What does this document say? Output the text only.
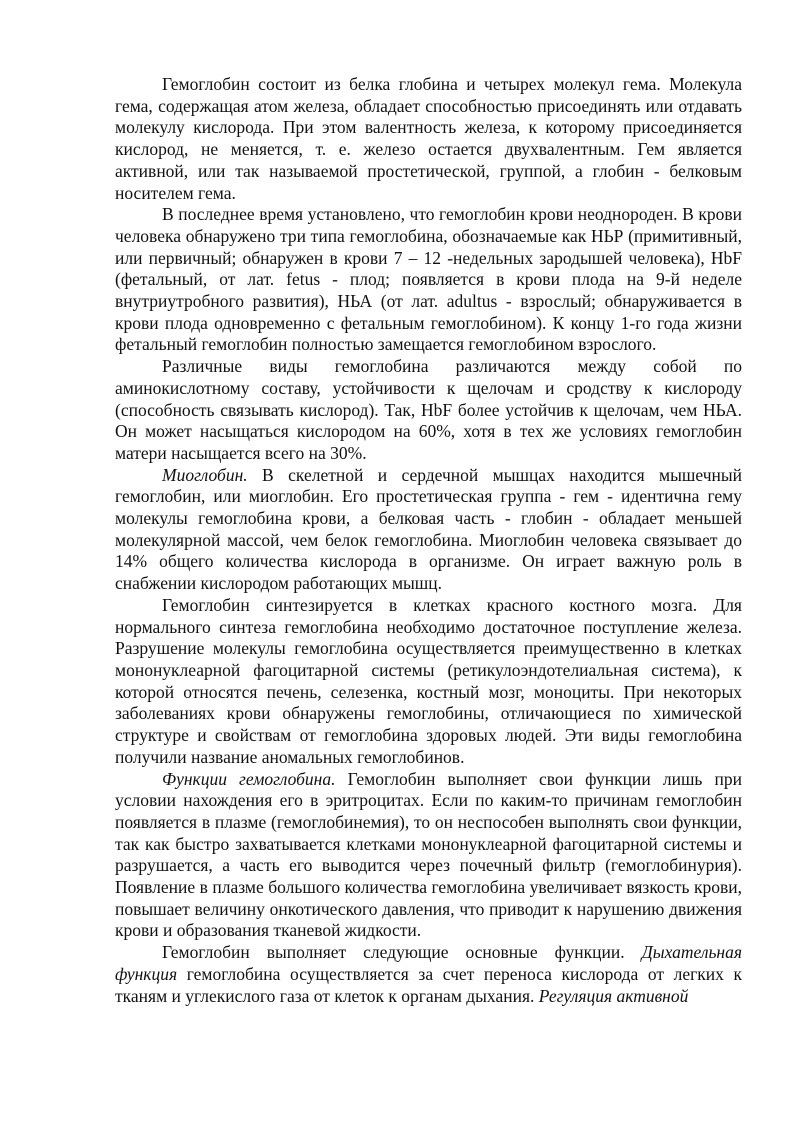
Гемоглобин состоит из белка глобина и четырех молекул гема. Молекула гема, содержащая атом железа, обладает способностью присоединять или отдавать молекулу кислорода. При этом валентность железа, к которому присоединяется кислород, не меняется, т. е. железо остается двухвалентным. Гем является активной, или так называемой простетической, группой, а глобин - белковым носителем гема.

В последнее время установлено, что гемоглобин крови неоднороден. В крови человека обнаружено три типа гемоглобина, обозначаемые как НЬР (примитивный, или первичный; обнаружен в крови 7 – 12 -недельных зародышей человека), HbF (фетальный, от лат. fetus - плод; появляется в крови плода на 9-й неделе внутриутробного развития), НЬА (от лат. adultus - взрослый; обнаруживается в крови плода одновременно с фетальным гемоглобином). К концу 1-го года жизни фетальный гемоглобин полностью замещается гемоглобином взрослого.

Различные виды гемоглобина различаются между собой по аминокислотному составу, устойчивости к щелочам и сродству к кислороду (способность связывать кислород). Так, HbF более устойчив к щелочам, чем НЬА. Он может насыщаться кислородом на 60%, хотя в тех же условиях гемоглобин матери насыщается всего на 30%.

Миоглобин. В скелетной и сердечной мышцах находится мышечный гемоглобин, или миоглобин. Его простетическая группа - гем - идентична гему молекулы гемоглобина крови, а белковая часть - глобин - обладает меньшей молекулярной массой, чем белок гемоглобина. Миоглобин человека связывает до 14% общего количества кислорода в организме. Он играет важную роль в снабжении кислородом работающих мышц.

Гемоглобин синтезируется в клетках красного костного мозга. Для нормального синтеза гемоглобина необходимо достаточное поступление железа. Разрушение молекулы гемоглобина осуществляется преимущественно в клетках мононуклеарной фагоцитарной системы (ретикулоэндотелиальная система), к которой относятся печень, селезенка, костный мозг, моноциты. При некоторых заболеваниях крови обнаружены гемоглобины, отличающиеся по химической структуре и свойствам от гемоглобина здоровых людей. Эти виды гемоглобина получили название аномальных гемоглобинов.

Функции гемоглобина. Гемоглобин выполняет свои функции лишь при условии нахождения его в эритроцитах. Если по каким-то причинам гемоглобин появляется в плазме (гемоглобинемия), то он неспособен выполнять свои функции, так как быстро захватывается клетками мононуклеарной фагоцитарной системы и разрушается, а часть его выводится через почечный фильтр (гемоглобинурия). Появление в плазме большого количества гемоглобина увеличивает вязкость крови, повышает величину онкотического давления, что приводит к нарушению движения крови и образования тканевой жидкости.

Гемоглобин выполняет следующие основные функции. Дыхательная функция гемоглобина осуществляется за счет переноса кислорода от легких к тканям и углекислого газа от клеток к органам дыхания. Регуляция активной
